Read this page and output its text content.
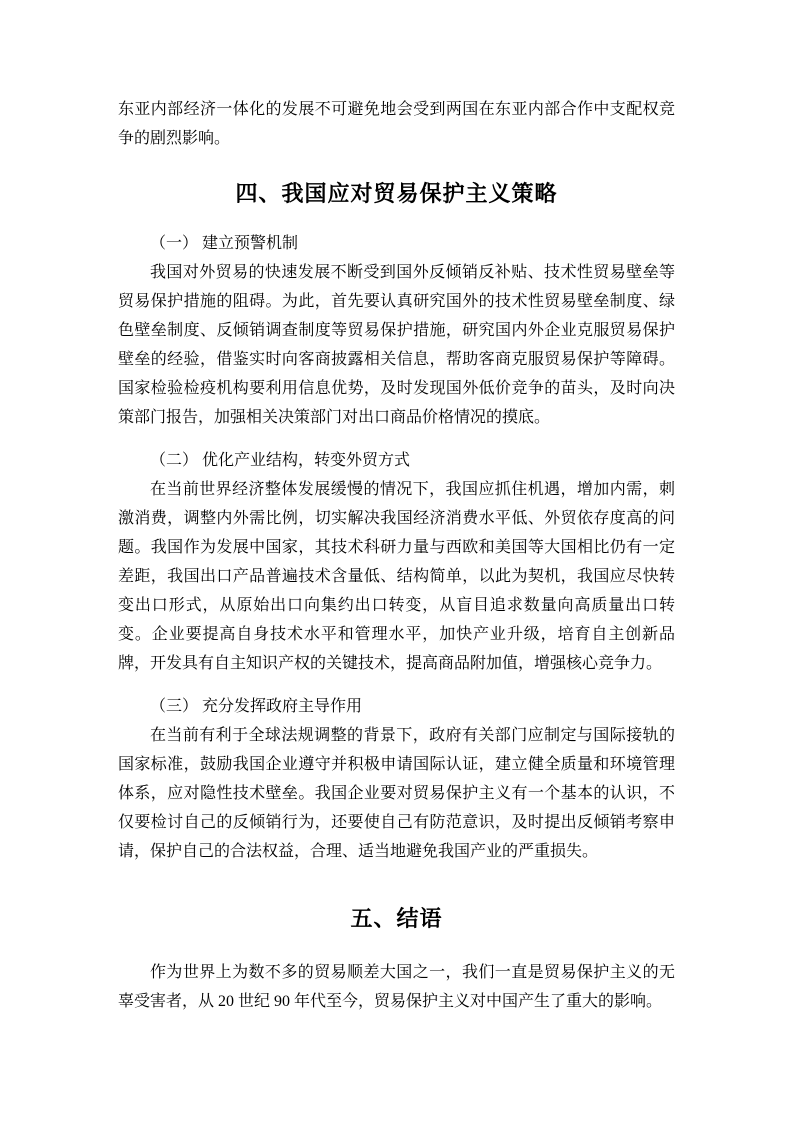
东亚内部经济一体化的发展不可避免地会受到两国在东亚内部合作中支配权竞争的剧烈影响。

四、我国应对贸易保护主义策略
（一） 建立预警机制

我国对外贸易的快速发展不断受到国外反倾销反补贴、技术性贸易壁垒等贸易保护措施的阻碍。为此，首先要认真研究国外的技术性贸易壁垒制度、绿色壁垒制度、反倾销调查制度等贸易保护措施，研究国内外企业克服贸易保护壁垒的经验，借鉴实时向客商披露相关信息，帮助客商克服贸易保护等障碍。国家检验检疫机构要利用信息优势，及时发现国外低价竞争的苗头，及时向决策部门报告，加强相关决策部门对出口商品价格情况的摸底。

（二） 优化产业结构，转变外贸方式

在当前世界经济整体发展缓慢的情况下，我国应抓住机遇，增加内需，刺激消费，调整内外需比例，切实解决我国经济消费水平低、外贸依存度高的问题。我国作为发展中国家，其技术科研力量与西欧和美国等大国相比仍有一定差距，我国出口产品普遍技术含量低、结构简单，以此为契机，我国应尽快转变出口形式，从原始出口向集约出口转变，从盲目追求数量向高质量出口转变。企业要提高自身技术水平和管理水平，加快产业升级，培育自主创新品牌，开发具有自主知识产权的关键技术，提高商品附加值，增强核心竞争力。

（三） 充分发挥政府主导作用

在当前有利于全球法规调整的背景下，政府有关部门应制定与国际接轨的国家标准，鼓励我国企业遵守并积极申请国际认证，建立健全质量和环境管理体系，应对隐性技术壁垒。我国企业要对贸易保护主义有一个基本的认识，不仅要检讨自己的反倾销行为，还要使自己有防范意识，及时提出反倾销考察申请，保护自己的合法权益，合理、适当地避免我国产业的严重损失。

五、结语

作为世界上为数不多的贸易顺差大国之一，我们一直是贸易保护主义的无辜受害者，从 20 世纪 90 年代至今，贸易保护主义对中国产生了重大的影响。
